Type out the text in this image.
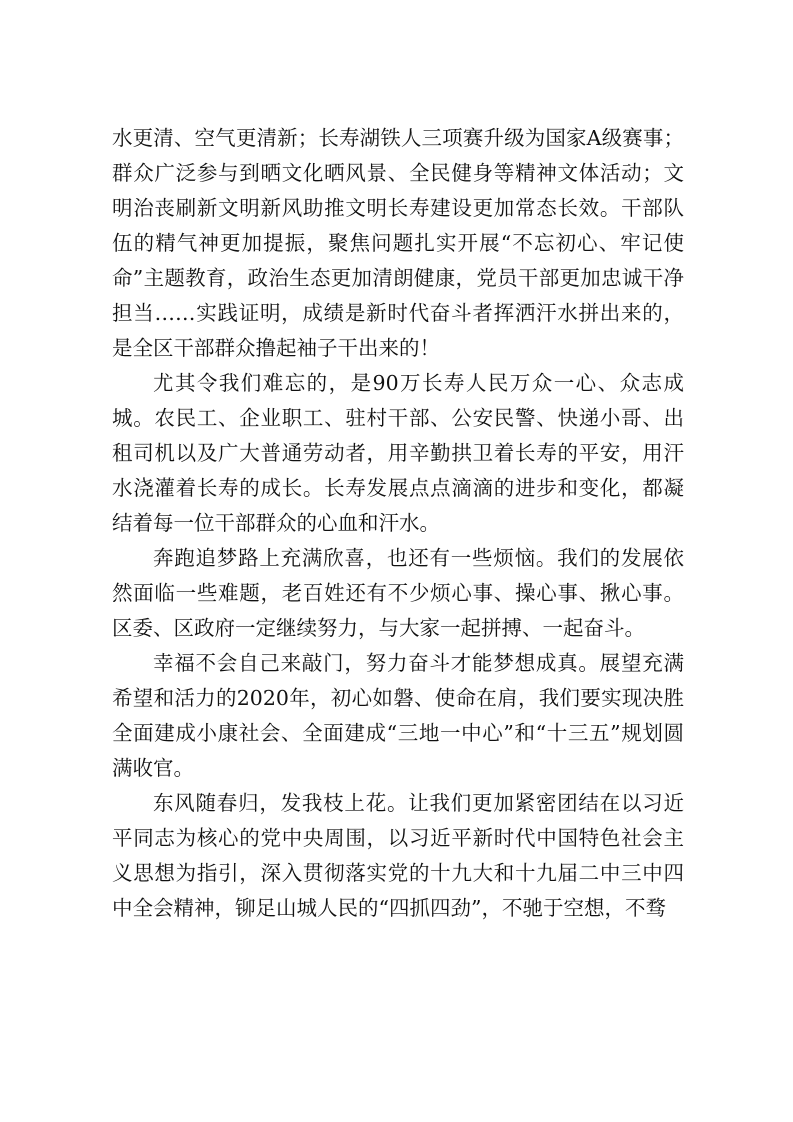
水更清、空气更清新；长寿湖铁人三项赛升级为国家A级赛事；群众广泛参与到晒文化晒风景、全民健身等精神文体活动；文明治丧刷新文明新风助推文明长寿建设更加常态长效。干部队伍的精气神更加提振，聚焦问题扎实开展“不忘初心、牢记使命”主题教育，政治生态更加清朗健康，党员干部更加忠诚干净担当……实践证明，成绩是新时代奋斗者挥洒汗水拼出来的，是全区干部群众撸起袖子干出来的！

尤其令我们难忘的，是90万长寿人民万众一心、众志成城。农民工、企业职工、驻村干部、公安民警、快递小哥、出租司机以及广大普通劳动者，用辛勤拱卫着长寿的平安，用汗水浇灌着长寿的成长。长寿发展点点滴滴的进步和变化，都凝结着每一位干部群众的心血和汗水。

奔跑追梦路上充满欣喜，也还有一些烦恼。我们的发展依然面临一些难题，老百姓还有不少烦心事、操心事、揪心事。区委、区政府一定继续努力，与大家一起拼搏、一起奋斗。

幸福不会自己来敲门，努力奋斗才能梦想成真。展望充满希望和活力的2020年，初心如磐、使命在肩，我们要实现决胜全面建成小康社会、全面建成“三地一中心”和“十三五”规划圆满收官。

东风随春归，发我枝上花。让我们更加紧密团结在以习近平同志为核心的党中央周围，以习近平新时代中国特色社会主义思想为指引，深入贯彻落实党的十九大和十九届二中三中四中全会精神，铆足山城人民的“四抓四劲”，不驰于空想，不骛
